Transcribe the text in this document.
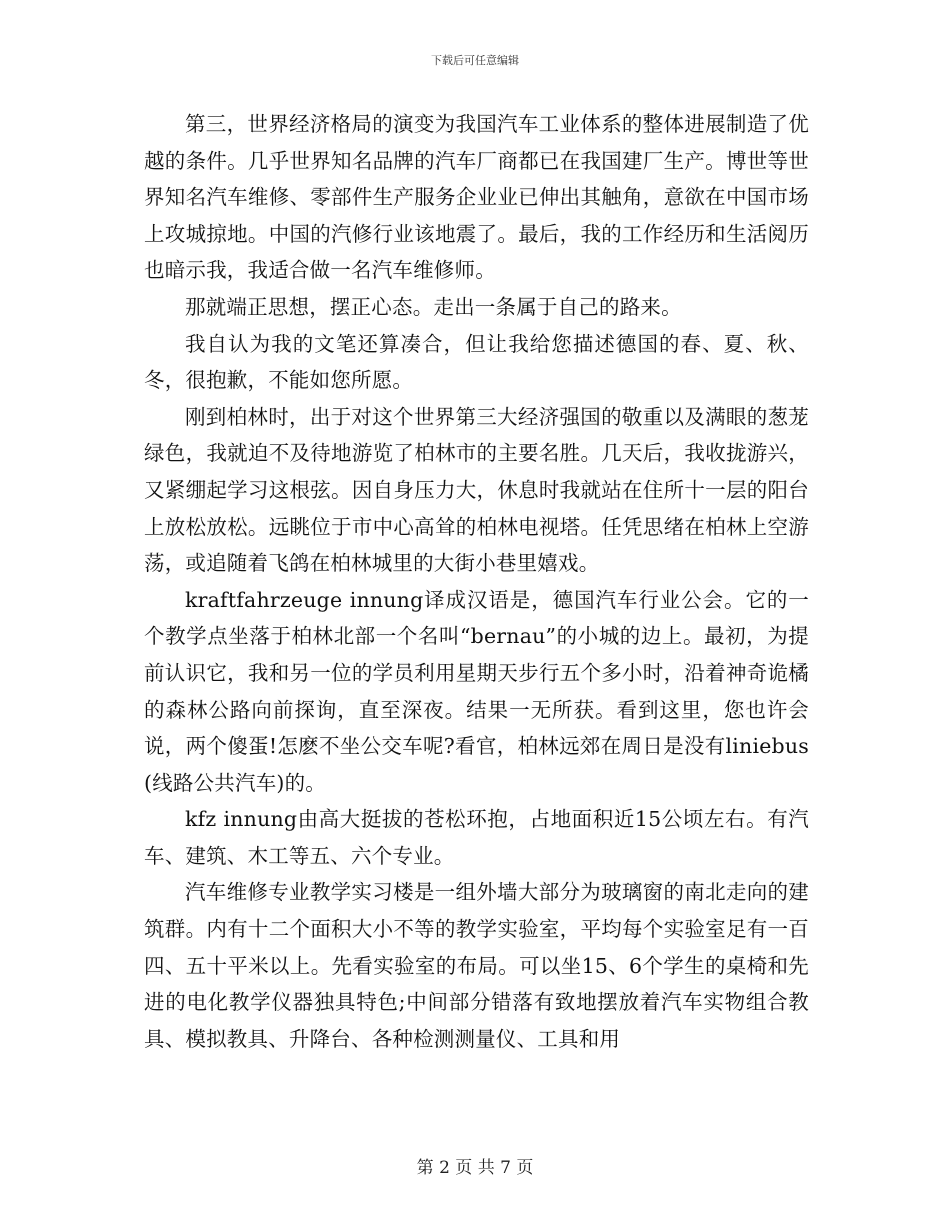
下载后可任意编辑

第三，世界经济格局的演变为我国汽车工业体系的整体进展制造了优越的条件。几乎世界知名品牌的汽车厂商都已在我国建厂生产。博世等世界知名汽车维修、零部件生产服务企业业已伸出其触角，意欲在中国市场上攻城掠地。中国的汽修行业该地震了。最后，我的工作经历和生活阅历也暗示我，我适合做一名汽车维修师。

那就端正思想，摆正心态。走出一条属于自己的路来。

我自认为我的文笔还算凑合，但让我给您描述德国的春、夏、秋、冬，很抱歉，不能如您所愿。

刚到柏林时，出于对这个世界第三大经济强国的敬重以及满眼的葱茏绿色，我就迫不及待地游览了柏林市的主要名胜。几天后，我收拢游兴，又紧绷起学习这根弦。因自身压力大，休息时我就站在住所十一层的阳台上放松放松。远眺位于市中心高耸的柏林电视塔。任凭思绪在柏林上空游荡，或追随着飞鸽在柏林城里的大街小巷里嬉戏。

kraftfahrzeuge innung译成汉语是，德国汽车行业公会。它的一个教学点坐落于柏林北部一个名叫“bernau”的小城的边上。最初，为提前认识它，我和另一位的学员利用星期天步行五个多小时，沿着神奇诡橘的森林公路向前探询，直至深夜。结果一无所获。看到这里，您也许会说，两个傻蛋!怎麽不坐公交车呢?看官，柏林远郊在周日是没有liniebus(线路公共汽车)的。

kfz innung由高大挺拔的苍松环抱，占地面积近15公顷左右。有汽车、建筑、木工等五、六个专业。

汽车维修专业教学实习楼是一组外墙大部分为玻璃窗的南北走向的建筑群。内有十二个面积大小不等的教学实验室，平均每个实验室足有一百四、五十平米以上。先看实验室的布局。可以坐15、6个学生的桌椅和先进的电化教学仪器独具特色;中间部分错落有致地摆放着汽车实物组合教具、模拟教具、升降台、各种检测测量仪、工具和用

第 2 页 共 7 页
